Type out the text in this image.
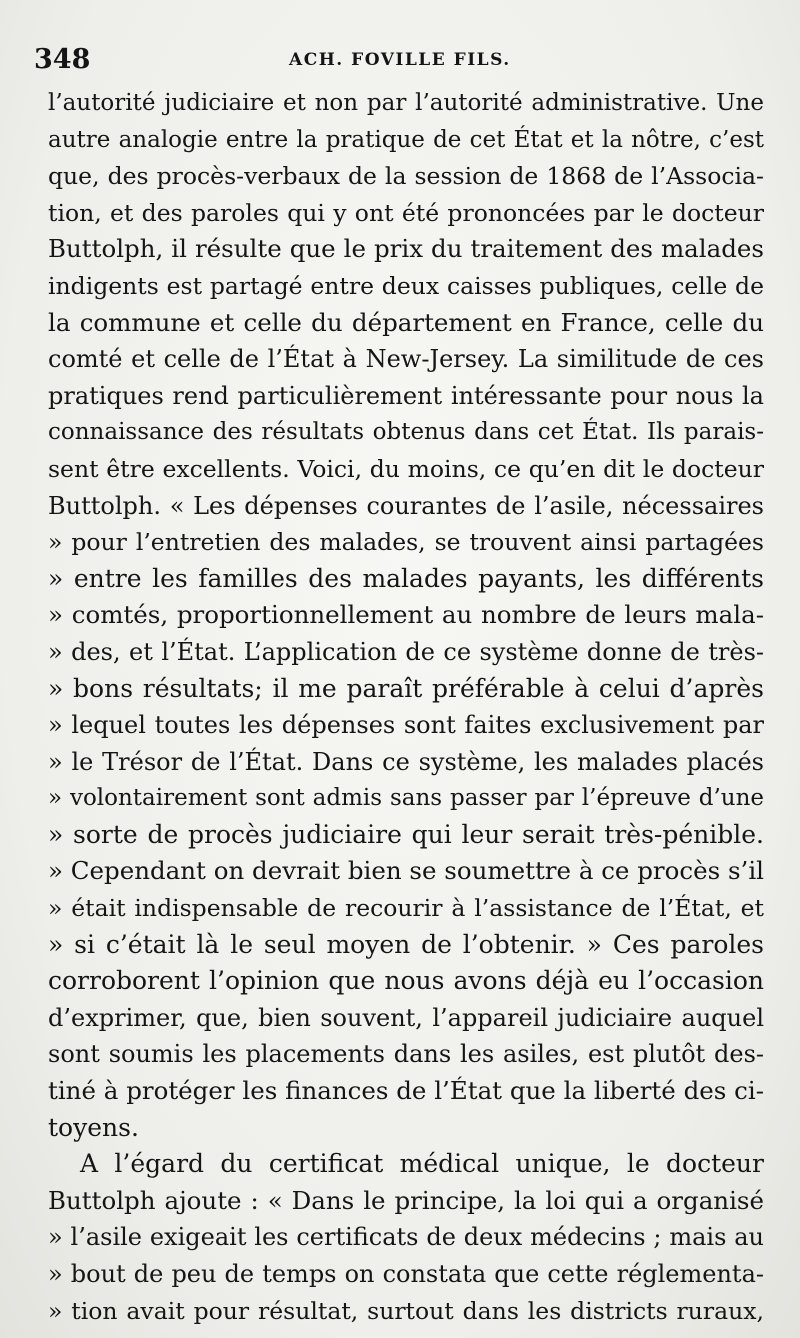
348	ACH. FOVILLE FILS.
l’autorité judiciaire et non par l’autorité administrative. Une
autre analogie entre la pratique de cet État et la nôtre, c’est
que, des procès-verbaux de la session de 1868 de l’Associa-
tion, et des paroles qui y ont été prononcées par le docteur
Buttolph, il résulte que le prix du traitement des malades
indigents est partagé entre deux caisses publiques, celle de
la commune et celle du département en France, celle du
comté et celle de l’État à New-Jersey. La similitude de ces
pratiques rend particulièrement intéressante pour nous la
connaissance des résultats obtenus dans cet État. Ils parais-
sent être excellents. Voici, du moins, ce qu’en dit le docteur
Buttolph. « Les dépenses courantes de l’asile, nécessaires
» pour l’entretien des malades, se trouvent ainsi partagées
» entre les familles des malades payants, les différents
» comtés, proportionnellement au nombre de leurs mala-
» des, et l’État. L’application de ce système donne de très-
» bons résultats; il me paraît préférable à celui d’après
» lequel toutes les dépenses sont faites exclusivement par
» le Trésor de l’État. Dans ce système, les malades placés
» volontairement sont admis sans passer par l’épreuve d’une
» sorte de procès judiciaire qui leur serait très-pénible.
» Cependant on devrait bien se soumettre à ce procès s’il
» était indispensable de recourir à l’assistance de l’État, et
» si c’était là le seul moyen de l’obtenir. » Ces paroles
corroborent l’opinion que nous avons déjà eu l’occasion
d’exprimer, que, bien souvent, l’appareil judiciaire auquel
sont soumis les placements dans les asiles, est plutôt des-
tiné à protéger les finances de l’État que la liberté des ci-
toyens.
A l’égard du certificat médical unique, le docteur
Buttolph ajoute : « Dans le principe, la loi qui a organisé
» l’asile exigeait les certificats de deux médecins ; mais au
» bout de peu de temps on constata que cette réglementa-
» tion avait pour résultat, surtout dans les districts ruraux,
